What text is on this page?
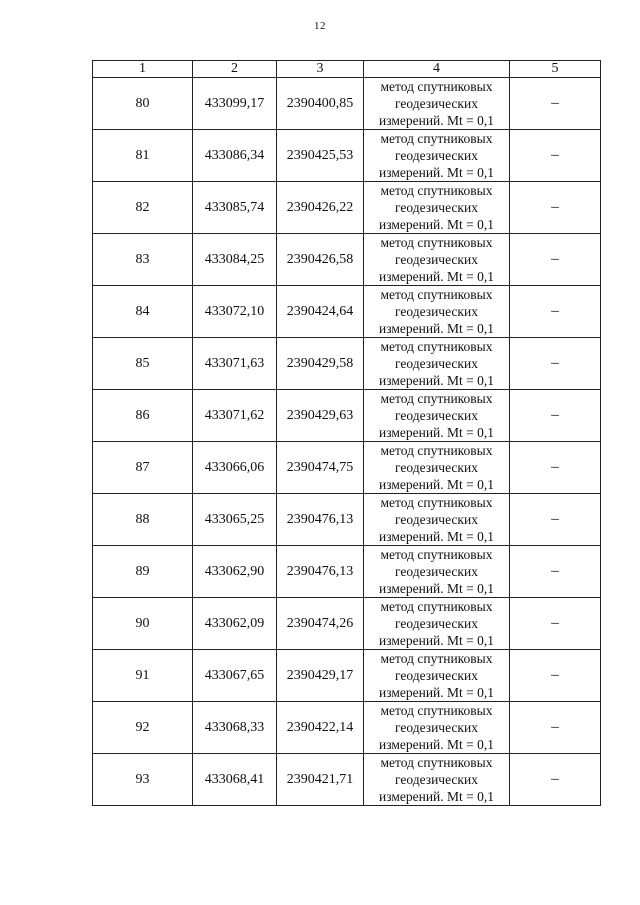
12
1	2	3	4	5
80	433099,17	2390400,85	метод спутниковых
геодезических
измерений. Mt = 0,1	–
81	433086,34	2390425,53	метод спутниковых
геодезических
измерений. Mt = 0,1	–
82	433085,74	2390426,22	метод спутниковых
геодезических
измерений. Mt = 0,1	–
83	433084,25	2390426,58	метод спутниковых
геодезических
измерений. Mt = 0,1	–
84	433072,10	2390424,64	метод спутниковых
геодезических
измерений. Mt = 0,1	–
85	433071,63	2390429,58	метод спутниковых
геодезических
измерений. Mt = 0,1	–
86	433071,62	2390429,63	метод спутниковых
геодезических
измерений. Mt = 0,1	–
87	433066,06	2390474,75	метод спутниковых
геодезических
измерений. Mt = 0,1	–
88	433065,25	2390476,13	метод спутниковых
геодезических
измерений. Mt = 0,1	–
89	433062,90	2390476,13	метод спутниковых
геодезических
измерений. Mt = 0,1	–
90	433062,09	2390474,26	метод спутниковых
геодезических
измерений. Mt = 0,1	–
91	433067,65	2390429,17	метод спутниковых
геодезических
измерений. Mt = 0,1	–
92	433068,33	2390422,14	метод спутниковых
геодезических
измерений. Mt = 0,1	–
93	433068,41	2390421,71	метод спутниковых
геодезических
измерений. Mt = 0,1	–
